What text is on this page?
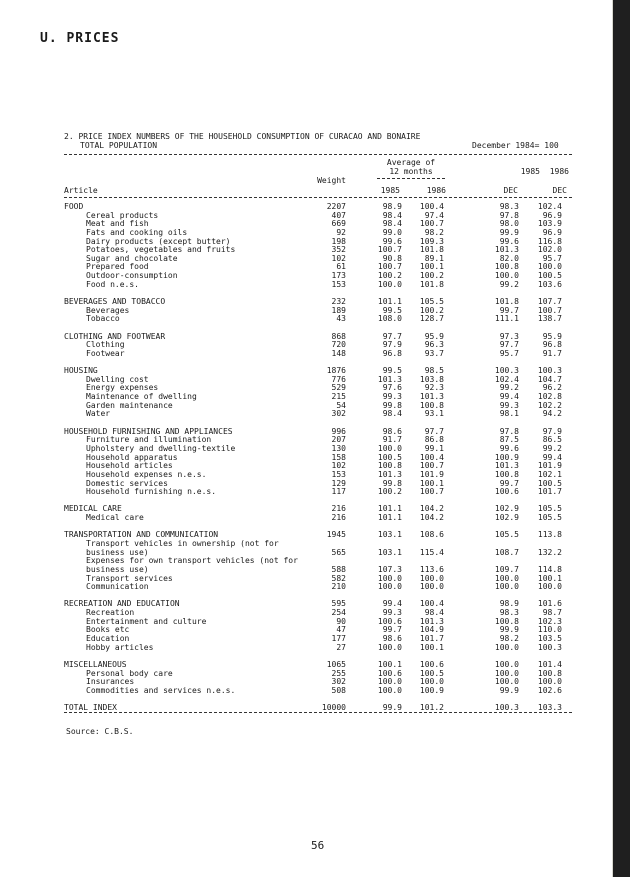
U. PRICES
2. PRICE INDEX NUMBERS OF THE HOUSEHOLD CONSUMPTION OF CURACAO AND BONAIRE
TOTAL POPULATION	December 1984= 100
Average of
12 months	1985	1986
Weight
Article	1985	1986	DEC	DEC
FOOD	2207	98.9	100.4	98.3	102.4
Cereal products	407	98.4	97.4	97.8	96.9
Meat and fish	669	98.4	100.7	98.0	103.9
Fats and cooking oils	92	99.0	98.2	99.9	96.9
Dairy products (except butter)	198	99.6	109.3	99.6	116.8
Potatoes, vegetables and fruits	352	100.7	101.8	101.3	102.0
Sugar and chocolate	102	90.8	89.1	82.0	95.7
Prepared food	61	100.7	100.1	100.8	100.0
Outdoor-consumption	173	100.2	100.2	100.0	100.5
Food n.e.s.	153	100.0	101.8	99.2	103.6
BEVERAGES AND TOBACCO	232	101.1	105.5	101.8	107.7
Beverages	189	99.5	100.2	99.7	100.7
Tobacco	43	108.0	128.7	111.1	138.7
CLOTHING AND FOOTWEAR	868	97.7	95.9	97.3	95.9
Clothing	720	97.9	96.3	97.7	96.8
Footwear	148	96.8	93.7	95.7	91.7
HOUSING	1876	99.5	98.5	100.3	100.3
Dwelling cost	776	101.3	103.8	102.4	104.7
Energy expenses	529	97.6	92.3	99.2	96.2
Maintenance of dwelling	215	99.3	101.3	99.4	102.8
Garden maintenance	54	99.8	100.8	99.3	102.2
Water	302	98.4	93.1	98.1	94.2
HOUSEHOLD FURNISHING AND APPLIANCES	996	98.6	97.7	97.8	97.9
Furniture and illumination	207	91.7	86.8	87.5	86.5
Upholstery and dwelling-textile	130	100.0	99.1	99.6	99.2
Household apparatus	158	100.5	100.4	100.9	99.4
Household articles	102	100.8	100.7	101.3	101.9
Household expenses n.e.s.	153	101.3	101.9	100.8	102.1
Domestic services	129	99.8	100.1	99.7	100.5
Household furnishing n.e.s.	117	100.2	100.7	100.6	101.7
MEDICAL CARE	216	101.1	104.2	102.9	105.5
Medical care	216	101.1	104.2	102.9	105.5
TRANSPORTATION AND COMMUNICATION	1945	103.1	108.6	105.5	113.8
Transport vehicles in ownership (not for
business use)	565	103.1	115.4	108.7	132.2
Expenses for own transport vehicles (not for
business use)	588	107.3	113.6	109.7	114.8
Transport services	582	100.0	100.0	100.0	100.1
Communication	210	100.0	100.0	100.0	100.0
RECREATION AND EDUCATION	595	99.4	100.4	98.9	101.6
Recreation	254	99.3	98.4	98.3	98.7
Entertainment and culture	90	100.6	101.3	100.8	102.3
Books etc	47	99.7	104.9	99.9	110.0
Education	177	98.6	101.7	98.2	103.5
Hobby articles	27	100.0	100.1	100.0	100.3
MISCELLANEOUS	1065	100.1	100.6	100.0	101.4
Personal body care	255	100.6	100.5	100.0	100.8
Insurances	302	100.0	100.0	100.0	100.0
Commodities and services n.e.s.	508	100.0	100.9	99.9	102.6
TOTAL INDEX	10000	99.9	101.2	100.3	103.3
Source: C.B.S.
56
